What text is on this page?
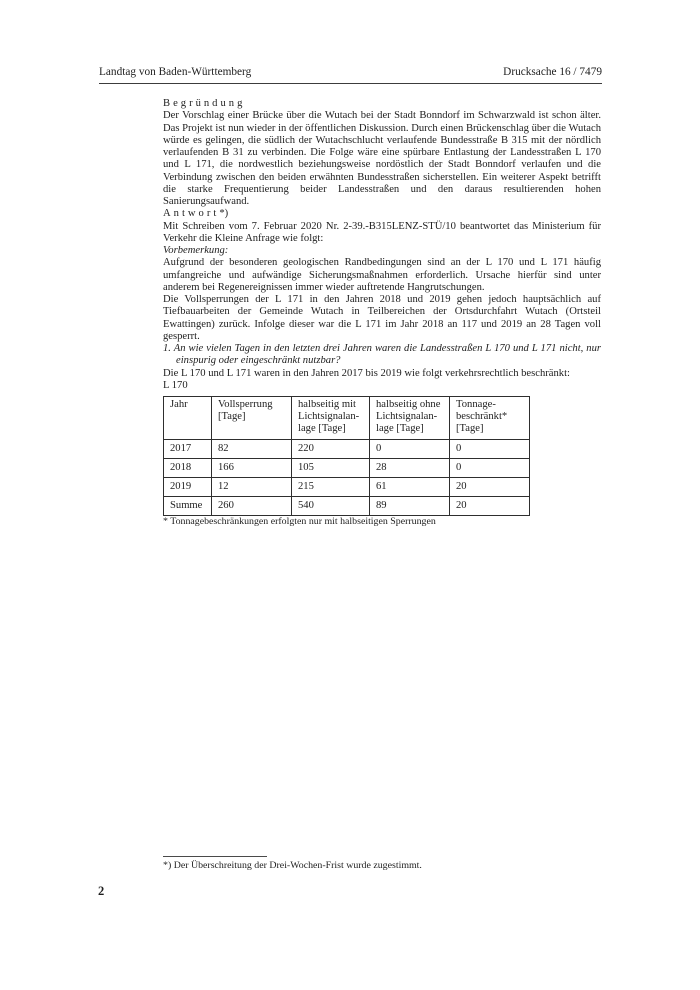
Landtag von Baden-Württemberg	Drucksache 16 / 7479

Begründung

Der Vorschlag einer Brücke über die Wutach bei der Stadt Bonndorf im Schwarzwald ist schon älter. Das Projekt ist nun wieder in der öffentlichen Diskussion. Durch einen Brückenschlag über die Wutach würde es gelingen, die südlich der Wutachschlucht verlaufende Bundesstraße B 315 mit der nördlich verlaufenden B 31 zu verbinden. Die Folge wäre eine spürbare Entlastung der Landesstraßen L 170 und L 171, die nordwestlich beziehungsweise nordöstlich der Stadt Bonndorf verlaufen und die Verbindung zwischen den beiden erwähnten Bundesstraßen sicherstellen. Ein weiterer Aspekt betrifft die starke Frequentierung beider Landesstraßen und den daraus resultierenden hohen Sanierungsaufwand.

Antwort*)

Mit Schreiben vom 7. Februar 2020 Nr. 2-39.-B315LENZ-STÜ/10 beantwortet das Ministerium für Verkehr die Kleine Anfrage wie folgt:

Vorbemerkung:

Aufgrund der besonderen geologischen Randbedingungen sind an der L 170 und L 171 häufig umfangreiche und aufwändige Sicherungsmaßnahmen erforderlich. Ursache hierfür sind unter anderem bei Regenereignissen immer wieder auftretende Hangrutschungen.

Die Vollsperrungen der L 171 in den Jahren 2018 und 2019 gehen jedoch hauptsächlich auf Tiefbauarbeiten der Gemeinde Wutach in Teilbereichen der Ortsdurchfahrt Wutach (Ortsteil Ewattingen) zurück. Infolge dieser war die L 171 im Jahr 2018 an 117 und 2019 an 28 Tagen voll gesperrt.

1. An wie vielen Tagen in den letzten drei Jahren waren die Landesstraßen L 170 und L 171 nicht, nur einspurig oder eingeschränkt nutzbar?

Die L 170 und L 171 waren in den Jahren 2017 bis 2019 wie folgt verkehrsrechtlich beschränkt:

L 170

Jahr	Vollsperrung [Tage]	halbseitig mit Lichtsignalan-lage [Tage]	halbseitig ohne Lichtsignalan-lage [Tage]	Tonnage-beschränkt* [Tage]
2017	82	220	0	0
2018	166	105	28	0
2019	12	215	61	20
Summe	260	540	89	20

* Tonnagebeschränkungen erfolgten nur mit halbseitigen Sperrungen

*) Der Überschreitung der Drei-Wochen-Frist wurde zugestimmt.
2
